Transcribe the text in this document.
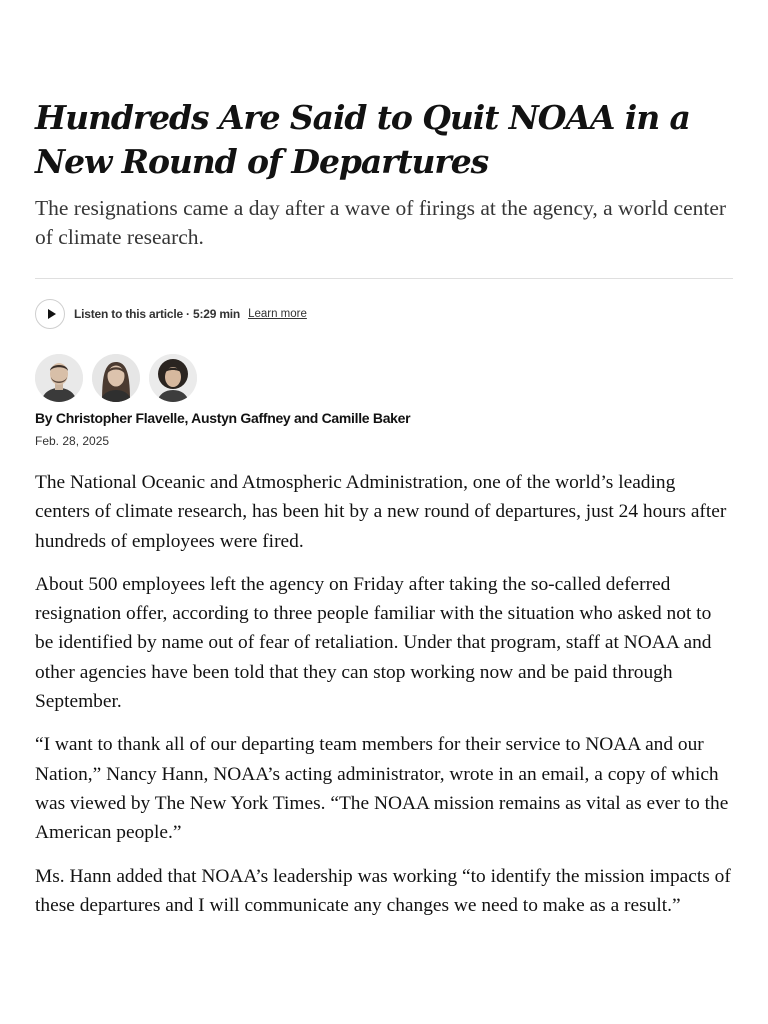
Hundreds Are Said to Quit NOAA in a New Round of Departures

The resignations came a day after a wave of firings at the agency, a world center of climate research.

Listen to this article · 5:29 min Learn more
By Christopher Flavelle, Austyn Gaffney and Camille Baker
Feb. 28, 2025

The National Oceanic and Atmospheric Administration, one of the world’s leading centers of climate research, has been hit by a new round of departures, just 24 hours after hundreds of employees were fired.

About 500 employees left the agency on Friday after taking the so-called deferred resignation offer, according to three people familiar with the situation who asked not to be identified by name out of fear of retaliation. Under that program, staff at NOAA and other agencies have been told that they can stop working now and be paid through September.

“I want to thank all of our departing team members for their service to NOAA and our Nation,” Nancy Hann, NOAA’s acting administrator, wrote in an email, a copy of which was viewed by The New York Times. “The NOAA mission remains as vital as ever to the American people.”

Ms. Hann added that NOAA’s leadership was working “to identify the mission impacts of these departures and I will communicate any changes we need to make as a result.”
